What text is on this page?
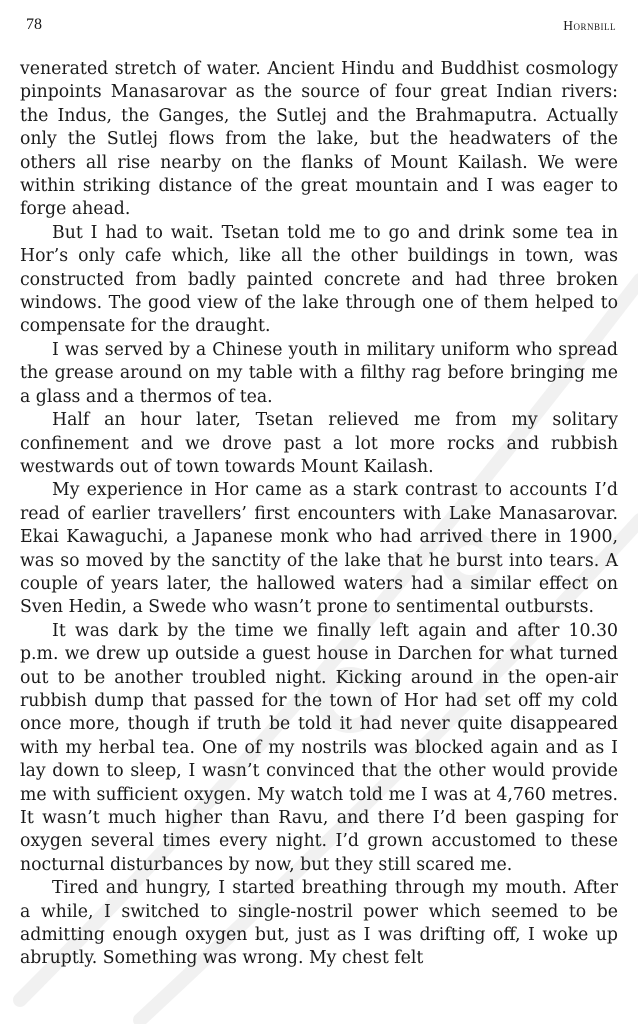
78	Hornbill

venerated stretch of water. Ancient Hindu and Buddhist cosmology pinpoints Manasarovar as the source of four great Indian rivers: the Indus, the Ganges, the Sutlej and the Brahmaputra. Actually only the Sutlej flows from the lake, but the headwaters of the others all rise nearby on the flanks of Mount Kailash. We were within striking distance of the great mountain and I was eager to forge ahead.

But I had to wait. Tsetan told me to go and drink some tea in Hor’s only cafe which, like all the other buildings in town, was constructed from badly painted concrete and had three broken windows. The good view of the lake through one of them helped to compensate for the draught.

I was served by a Chinese youth in military uniform who spread the grease around on my table with a filthy rag before bringing me a glass and a thermos of tea.

Half an hour later, Tsetan relieved me from my solitary confinement and we drove past a lot more rocks and rubbish westwards out of town towards Mount Kailash.

My experience in Hor came as a stark contrast to accounts I’d read of earlier travellers’ first encounters with Lake Manasarovar. Ekai Kawaguchi, a Japanese monk who had arrived there in 1900, was so moved by the sanctity of the lake that he burst into tears. A couple of years later, the hallowed waters had a similar effect on Sven Hedin, a Swede who wasn’t prone to sentimental outbursts.

It was dark by the time we finally left again and after 10.30 p.m. we drew up outside a guest house in Darchen for what turned out to be another troubled night. Kicking around in the open-air rubbish dump that passed for the town of Hor had set off my cold once more, though if truth be told it had never quite disappeared with my herbal tea. One of my nostrils was blocked again and as I lay down to sleep, I wasn’t convinced that the other would provide me with sufficient oxygen. My watch told me I was at 4,760 metres. It wasn’t much higher than Ravu, and there I’d been gasping for oxygen several times every night. I’d grown accustomed to these nocturnal disturbances by now, but they still scared me.

Tired and hungry, I started breathing through my mouth. After a while, I switched to single-nostril power which seemed to be admitting enough oxygen but, just as I was drifting off, I woke up abruptly. Something was wrong. My chest felt
